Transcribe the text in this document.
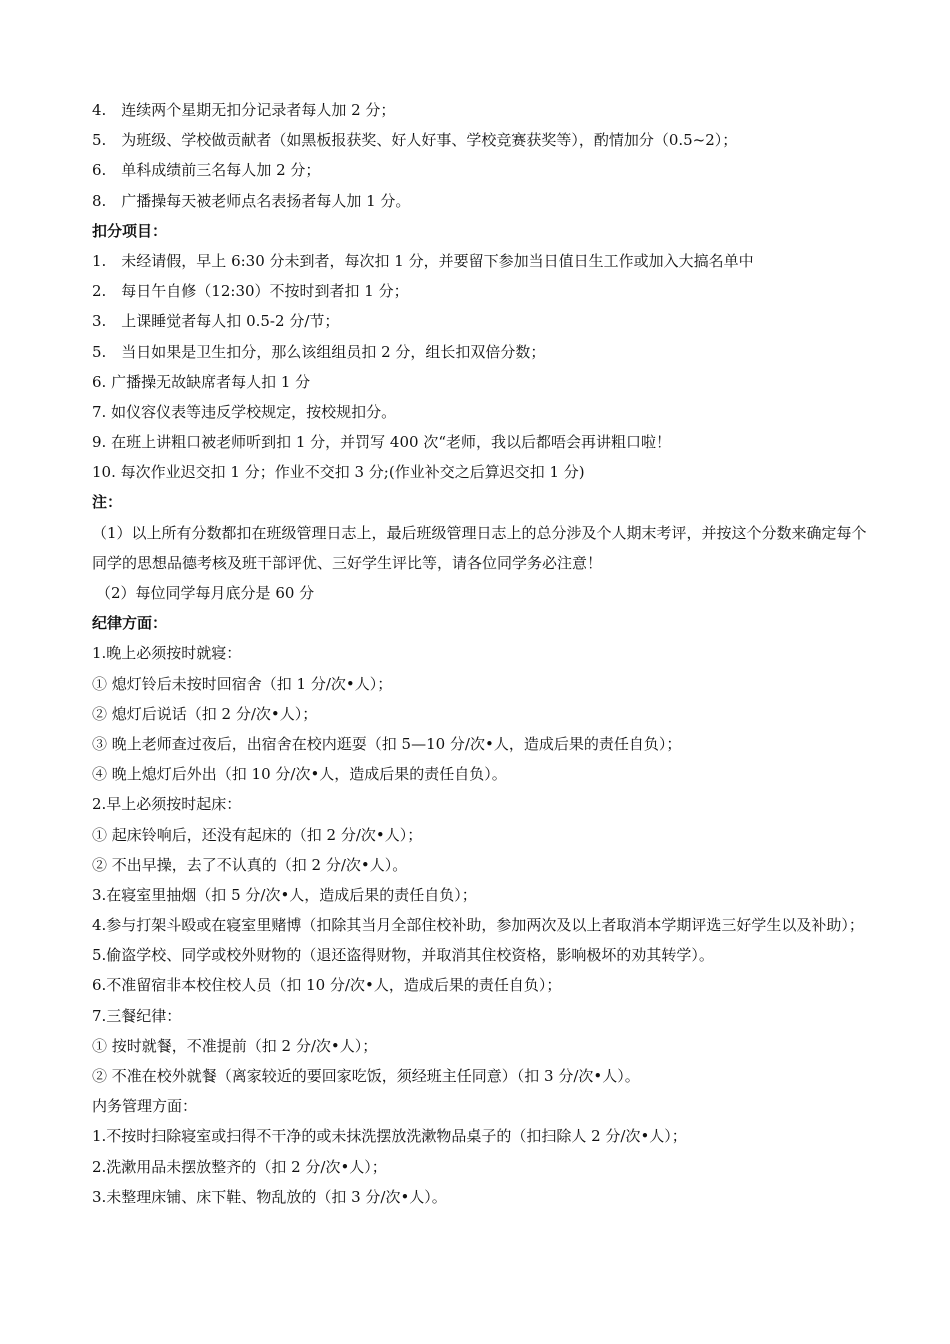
4.　连续两个星期无扣分记录者每人加 2 分；
5.　为班级、学校做贡献者（如黑板报获奖、好人好事、学校竞赛获奖等），酌情加分（0.5~2）；
6.　单科成绩前三名每人加 2 分；
8.　广播操每天被老师点名表扬者每人加 1 分。
扣分项目：
1.　未经请假，早上 6:30 分未到者，每次扣 1 分，并要留下参加当日值日生工作或加入大搞名单中
2.　每日午自修（12:30）不按时到者扣 1 分；
3.　上课睡觉者每人扣 0.5-2 分/节；
5.　当日如果是卫生扣分，那么该组组员扣 2 分，组长扣双倍分数；
6. 广播操无故缺席者每人扣 1 分
7. 如仪容仪表等违反学校规定，按校规扣分。
9. 在班上讲粗口被老师听到扣 1 分，并罚写 400 次“老师，我以后都唔会再讲粗口啦！
10. 每次作业迟交扣 1 分；作业不交扣 3 分;(作业补交之后算迟交扣 1 分)
注：
（1）以上所有分数都扣在班级管理日志上，最后班级管理日志上的总分涉及个人期末考评，并按这个分数来确定每个同学的思想品德考核及班干部评优、三好学生评比等，请各位同学务必注意！
（2）每位同学每月底分是 60 分
纪律方面：
1.晚上必须按时就寝：
① 熄灯铃后未按时回宿舍（扣 1 分/次•人）；
② 熄灯后说话（扣 2 分/次•人）；
③ 晚上老师查过夜后，出宿舍在校内逛耍（扣 5—10 分/次•人，造成后果的责任自负）；
④ 晚上熄灯后外出（扣 10 分/次•人，造成后果的责任自负）。
2.早上必须按时起床：
① 起床铃响后，还没有起床的（扣 2 分/次•人）；
② 不出早操，去了不认真的（扣 2 分/次•人）。
3.在寝室里抽烟（扣 5 分/次•人，造成后果的责任自负）；
4.参与打架斗殴或在寝室里赌博（扣除其当月全部住校补助，参加两次及以上者取消本学期评选三好学生以及补助）；
5.偷盗学校、同学或校外财物的（退还盗得财物，并取消其住校资格，影响极坏的劝其转学）。
6.不准留宿非本校住校人员（扣 10 分/次•人，造成后果的责任自负）；
7.三餐纪律：
① 按时就餐，不准提前（扣 2 分/次•人）；
② 不准在校外就餐（离家较近的要回家吃饭，须经班主任同意）（扣 3 分/次•人）。
内务管理方面：
1.不按时扫除寝室或扫得不干净的或未抹洗摆放洗漱物品桌子的（扣扫除人 2 分/次•人）；
2.洗漱用品未摆放整齐的（扣 2 分/次•人）；
3.未整理床铺、床下鞋、物乱放的（扣 3 分/次•人）。
